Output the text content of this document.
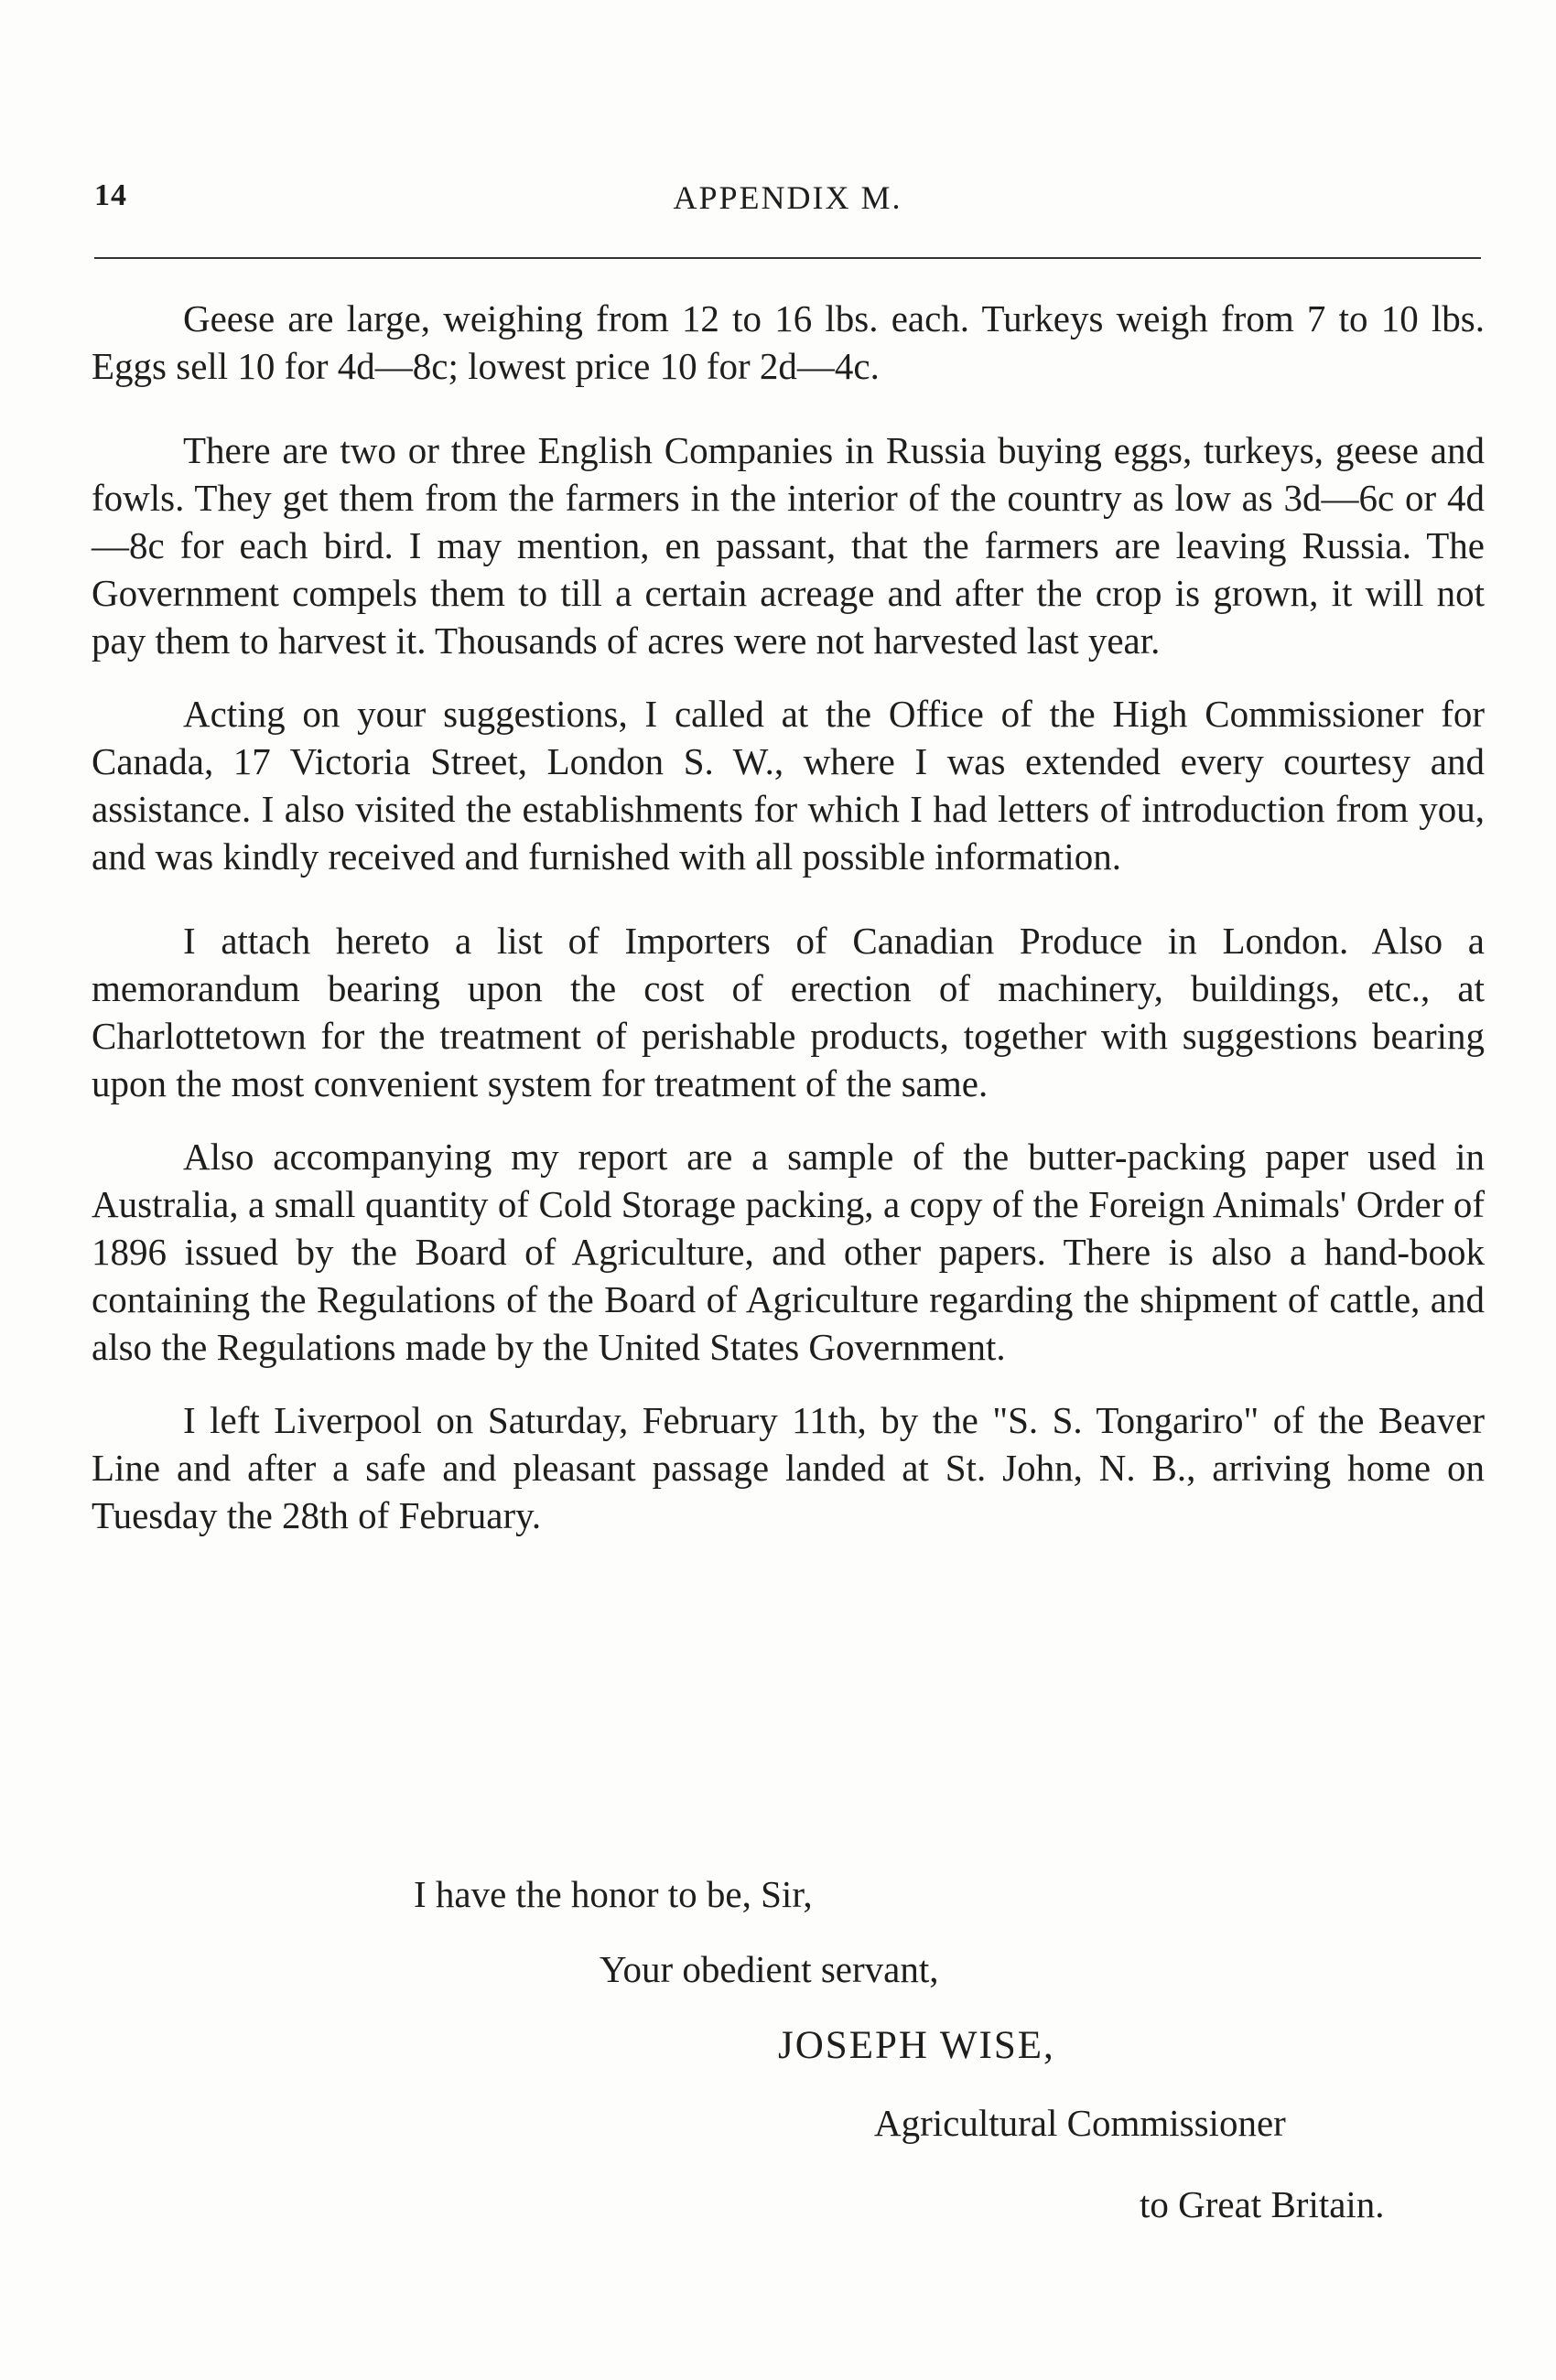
14	APPENDIX M.

Geese are large, weighing from 12 to 16 lbs. each. Turkeys weigh from 7 to 10 lbs. Eggs sell 10 for 4d—8c; lowest price 10 for 2d—4c.

There are two or three English Companies in Russia buying eggs, turkeys, geese and fowls. They get them from the farmers in the interior of the country as low as 3d—6c or 4d—8c for each bird. I may mention, en passant, that the farmers are leaving Russia. The Government compels them to till a certain acreage and after the crop is grown, it will not pay them to harvest it. Thousands of acres were not harvested last year.

Acting on your suggestions, I called at the Office of the High Commissioner for Canada, 17 Victoria Street, London S. W., where I was extended every courtesy and assistance. I also visited the establishments for which I had letters of introduction from you, and was kindly received and furnished with all possible information.

I attach hereto a list of Importers of Canadian Produce in London. Also a memorandum bearing upon the cost of erection of machinery, buildings, etc., at Charlottetown for the treatment of perishable products, together with suggestions bearing upon the most convenient system for treatment of the same.

Also accompanying my report are a sample of the butter-packing paper used in Australia, a small quantity of Cold Storage packing, a copy of the Foreign Animals' Order of 1896 issued by the Board of Agriculture, and other papers. There is also a hand-book containing the Regulations of the Board of Agriculture regarding the shipment of cattle, and also the Regulations made by the United States Government.

I left Liverpool on Saturday, February 11th, by the "S. S. Tongariro" of the Beaver Line and after a safe and pleasant passage landed at St. John, N. B., arriving home on Tuesday the 28th of February.

I have the honor to be, Sir,
Your obedient servant,
JOSEPH WISE,
Agricultural Commissioner
to Great Britain.
